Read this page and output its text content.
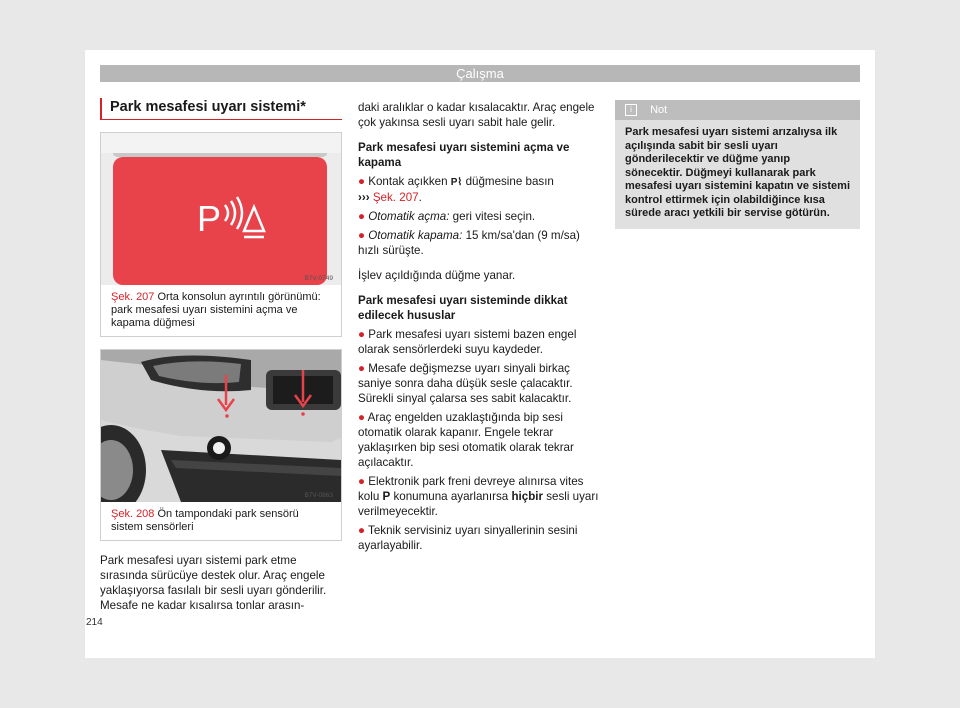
Çalışma
Park mesafesi uyarı sistemi*
P
B7V-0749
Şek. 207 Orta konsolun ayrıntılı görünümü: park mesafesi uyarı sistemini açma ve kapama düğmesi
B7V-0863
Şek. 208 Ön tampondaki park sensörü sistem sensörleri

Park mesafesi uyarı sistemi park etme sırasında sürücüye destek olur. Araç engele yaklaşıyorsa fasılalı bir sesli uyarı gönderilir. Mesafe ne kadar kısalırsa tonlar arasın-

daki aralıklar o kadar kısalacaktır. Araç engele çok yakınsa sesli uyarı sabit hale gelir.

Park mesafesi uyarı sistemini açma ve kapama
● Kontak açıkken P⌇ düğmesine basın
››› Şek. 207.
● Otomatik açma: geri vitesi seçin.
● Otomatik kapama: 15 km/sa'dan (9 m/sa) hızlı sürüşte.

İşlev açıldığında düğme yanar.

Park mesafesi uyarı sisteminde dikkat edilecek hususlar
● Park mesafesi uyarı sistemi bazen engel olarak sensörlerdeki suyu kaydeder.
● Mesafe değişmezse uyarı sinyali birkaç saniye sonra daha düşük sesle çalacaktır. Sürekli sinyal çalarsa ses sabit kalacaktır.
● Araç engelden uzaklaştığında bip sesi otomatik olarak kapanır. Engele tekrar yaklaşırken bip sesi otomatik olarak tekrar açılacaktır.
● Elektronik park freni devreye alınırsa vites kolu P konumuna ayarlanırsa hiçbir sesli uyarı verilmeyecektir.
● Teknik servisiniz uyarı sinyallerinin sesini ayarlayabilir.
i Not
Park mesafesi uyarı sistemi arızalıysa ilk açılışında sabit bir sesli uyarı gönderilecektir ve düğme yanıp sönecektir. Düğmeyi kullanarak park mesafesi uyarı sistemini kapatın ve sistemi kontrol ettirmek için olabildiğince kısa sürede aracı yetkili bir servise götürün.
214
